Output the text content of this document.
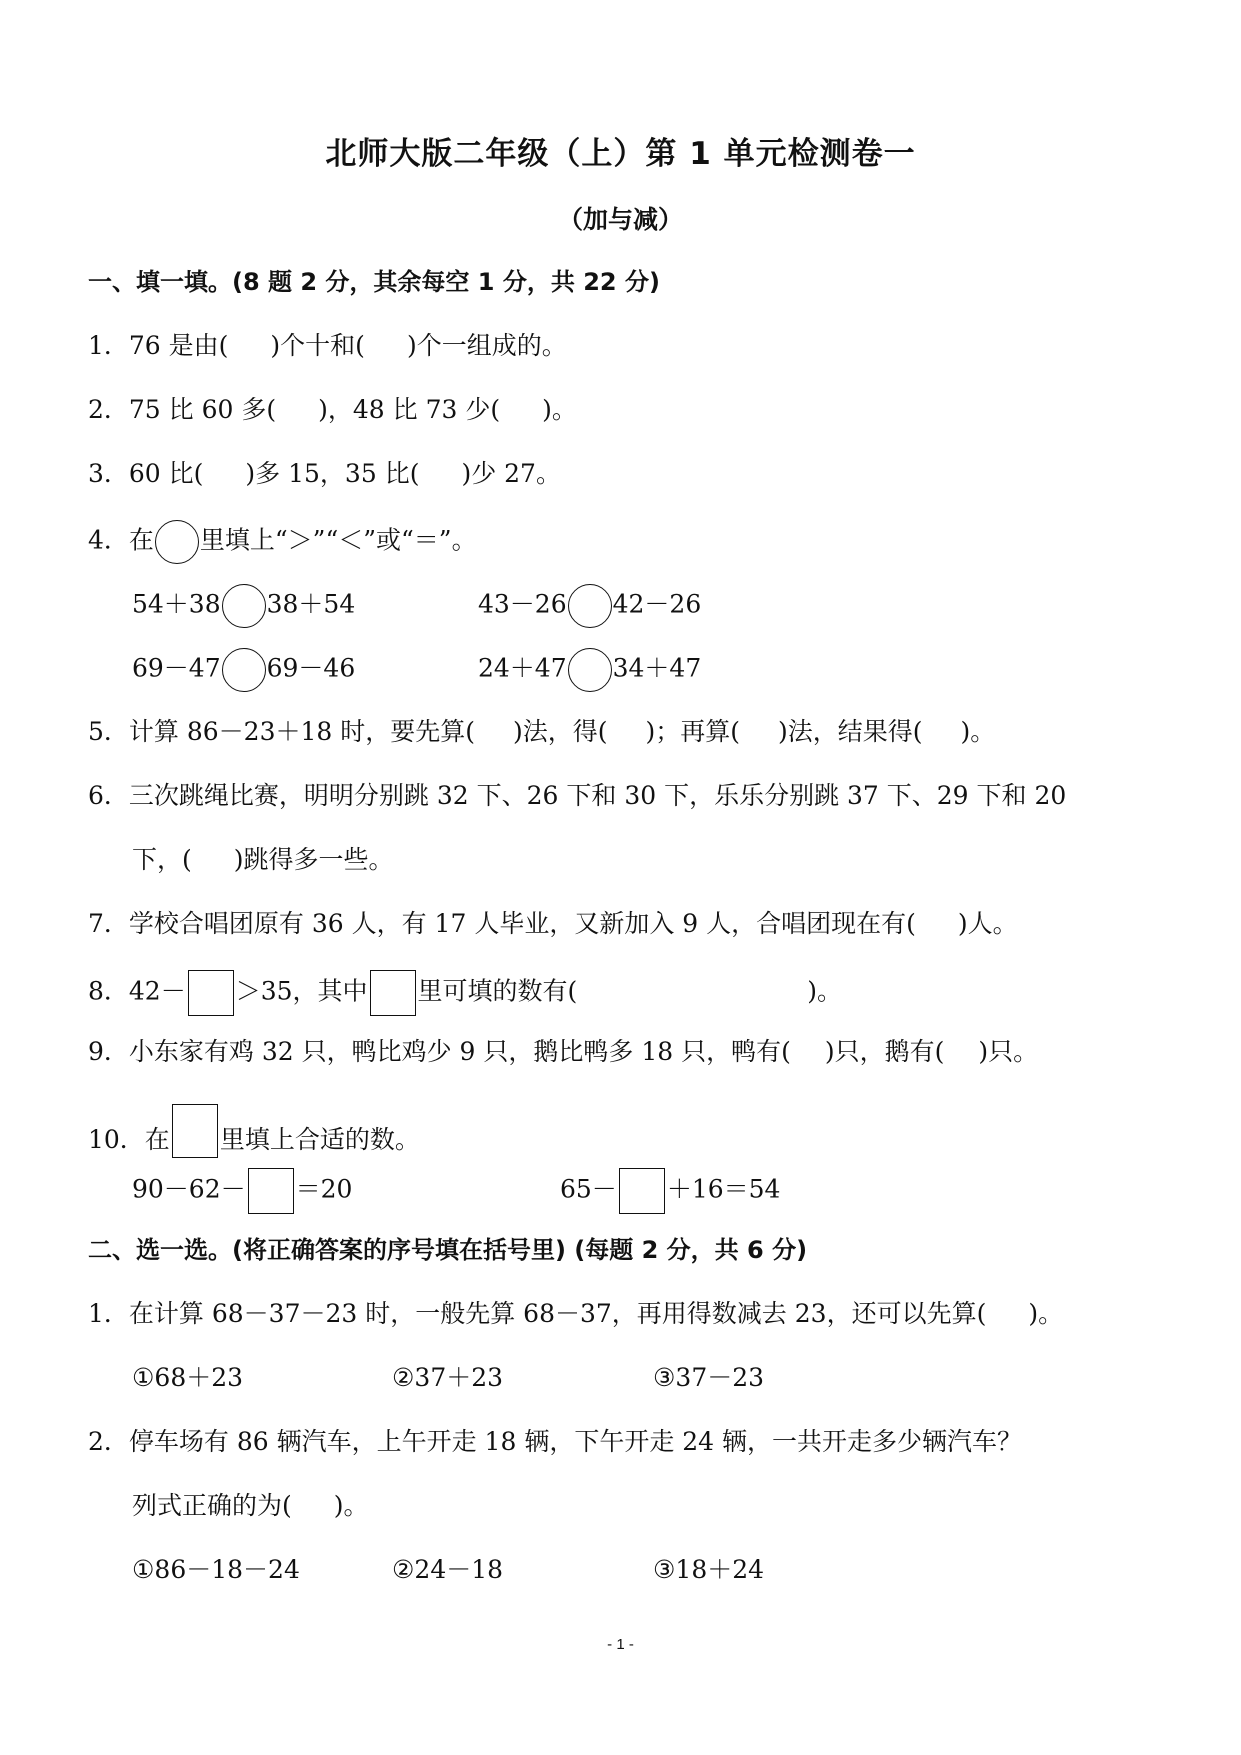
北师大版二年级（上）第 1 单元检测卷一
（加与减）
一、填一填。(8 题 2 分，其余每空 1 分，共 22 分)
1．76 是由( )个十和( )个一组成的。
2．75 比 60 多( )，48 比 73 少( )。
3．60 比( )多 15，35 比( )少 27。
4．在 里填上“＞”“＜”或“＝”。
54＋38 38＋54	43－26 42－26
69－47 69－46	24＋47 34＋47
5．计算 86－23＋18 时，要先算( )法，得( )；再算( )法，结果得( )。
6．三次跳绳比赛，明明分别跳 32 下、26 下和 30 下，乐乐分别跳 37 下、29 下和 20
下，( )跳得多一些。
7．学校合唱团原有 36 人，有 17 人毕业，又新加入 9 人，合唱团现在有( )人。
8．42－ ＞35，其中 里可填的数有(	)。
9．小东家有鸡 32 只，鸭比鸡少 9 只，鹅比鸭多 18 只，鸭有( )只，鹅有( )只。
10．在 里填上合适的数。
90－62－ ＝20	65－ ＋16＝54
二、选一选。(将正确答案的序号填在括号里) (每题 2 分，共 6 分)
1．在计算 68－37－23 时，一般先算 68－37，再用得数减去 23，还可以先算( )。
①68＋23	②37＋23	③37－23
2．停车场有 86 辆汽车，上午开走 18 辆，下午开走 24 辆，一共开走多少辆汽车？
列式正确的为( )。
①86－18－24	②24－18	③18＋24
- 1 -
